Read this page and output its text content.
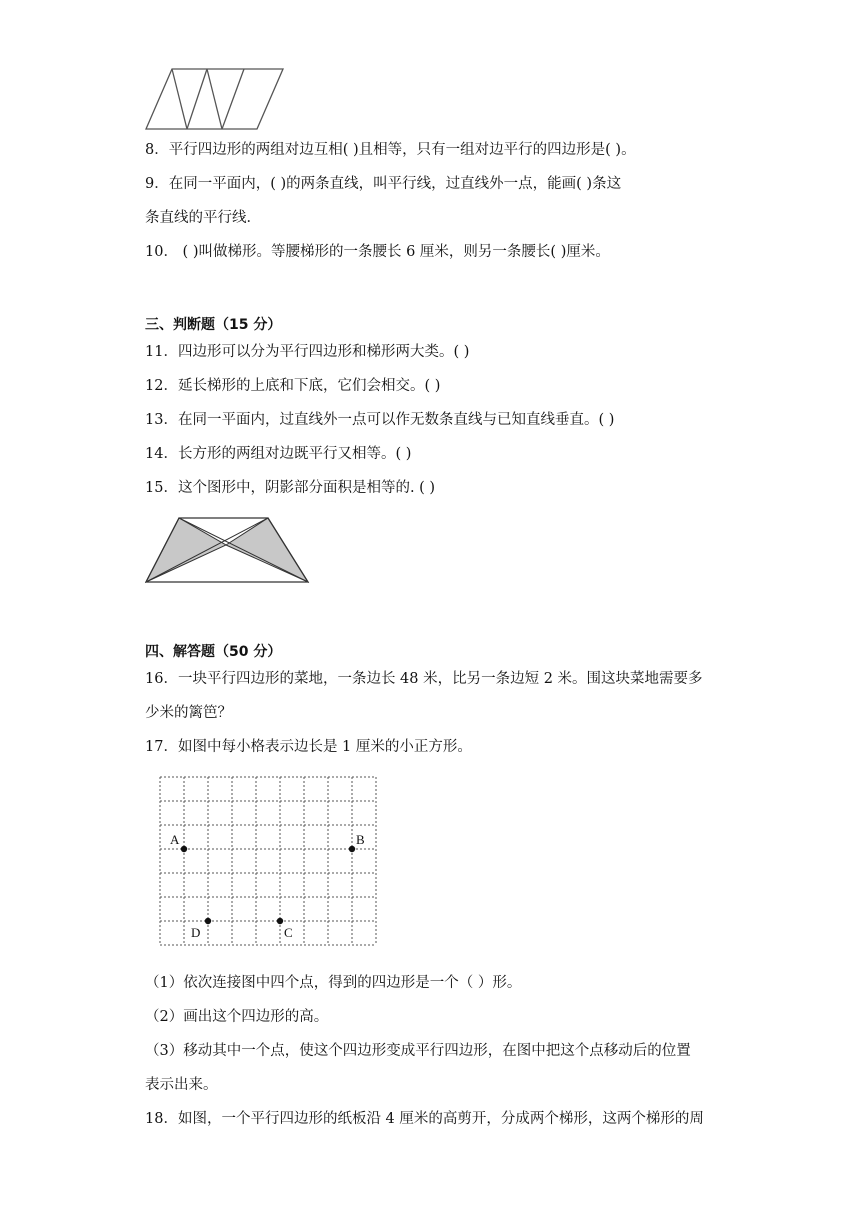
8．平行四边形的两组对边互相( )且相等，只有一组对边平行的四边形是( )。
9．在同一平面内，( )的两条直线，叫平行线，过直线外一点，能画( )条这
条直线的平行线．
10． ( )叫做梯形。等腰梯形的一条腰长 6 厘米，则另一条腰长( )厘米。
三、判断题（15 分）
11．四边形可以分为平行四边形和梯形两大类。( )
12．延长梯形的上底和下底，它们会相交。( )
13．在同一平面内，过直线外一点可以作无数条直线与已知直线垂直。( )
14．长方形的两组对边既平行又相等。( )
15．这个图形中，阴影部分面积是相等的. ( )
四、解答题（50 分）
16．一块平行四边形的菜地，一条边长 48 米，比另一条边短 2 米。围这块菜地需要多
少米的篱笆？
17．如图中每小格表示边长是 1 厘米的小正方形。
A	B
C
D
（1）依次连接图中四个点，得到的四边形是一个（ ）形。
（2）画出这个四边形的高。
（3）移动其中一个点，使这个四边形变成平行四边形，在图中把这个点移动后的位置
表示出来。
18．如图，一个平行四边形的纸板沿 4 厘米的高剪开，分成两个梯形，这两个梯形的周
